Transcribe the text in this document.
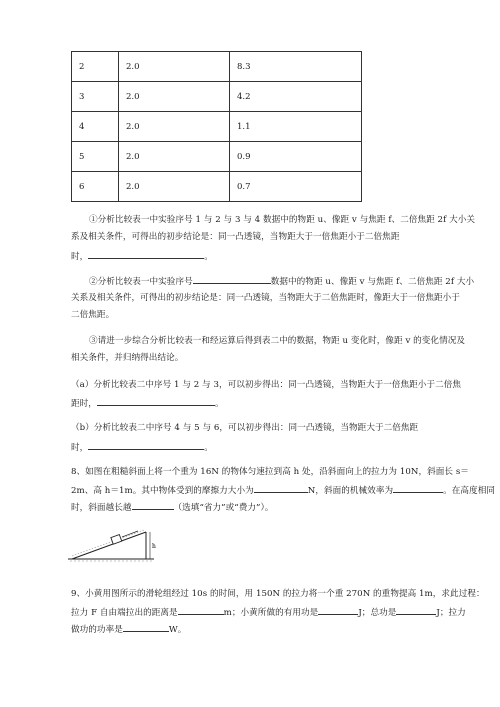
2	2.0	8.3
3	2.0	4.2
4	2.0	1.1
5	2.0	0.9
6	2.0	0.7
①分析比较表一中实验序号 1 与 2 与 3 与 4 数据中的物距 u、像距 v 与焦距 f、二倍焦距 2f 大小关
系及相关条件，可得出的初步结论是：同一凸透镜，当物距大于一倍焦距小于二倍焦距
时，	。
②分析比较表一中实验序号	数据中的物距 u、像距 v 与焦距 f、二倍焦距 2f 大小
关系及相关条件，可得出的初步结论是：同一凸透镜，当物距大于二倍焦距时，像距大于一倍焦距小于
二倍焦距。
③请进一步综合分析比较表一和经运算后得到表二中的数据，物距 u 变化时，像距 v 的变化情况及
相关条件，并归纳得出结论。
（a）分析比较表二中序号 1 与 2 与 3，可以初步得出：同一凸透镜，当物距大于一倍焦距小于二倍焦
距时，	。
（b）分析比较表二中序号 4 与 5 与 6，可以初步得出：同一凸透镜，当物距大于二倍焦距
时，	。
8、如图在粗糙斜面上将一个重为 16N 的物体匀速拉到高 h 处，沿斜面向上的拉力为 10N，斜面长 s＝
2m、高 h＝1m。其中物体受到的摩擦力大小为	N，斜面的机械效率为	。在高度相同
时，斜面越长越	（选填“省力”或“费力”）。
h
9、小黄用图所示的滑轮组经过 10s 的时间，用 150N 的拉力将一个重 270N 的重物提高 1m，求此过程：
拉力 F 自由端拉出的距离是	m；小黄所做的有用功是	J；总功是	J；拉力
做功的功率是	W。
